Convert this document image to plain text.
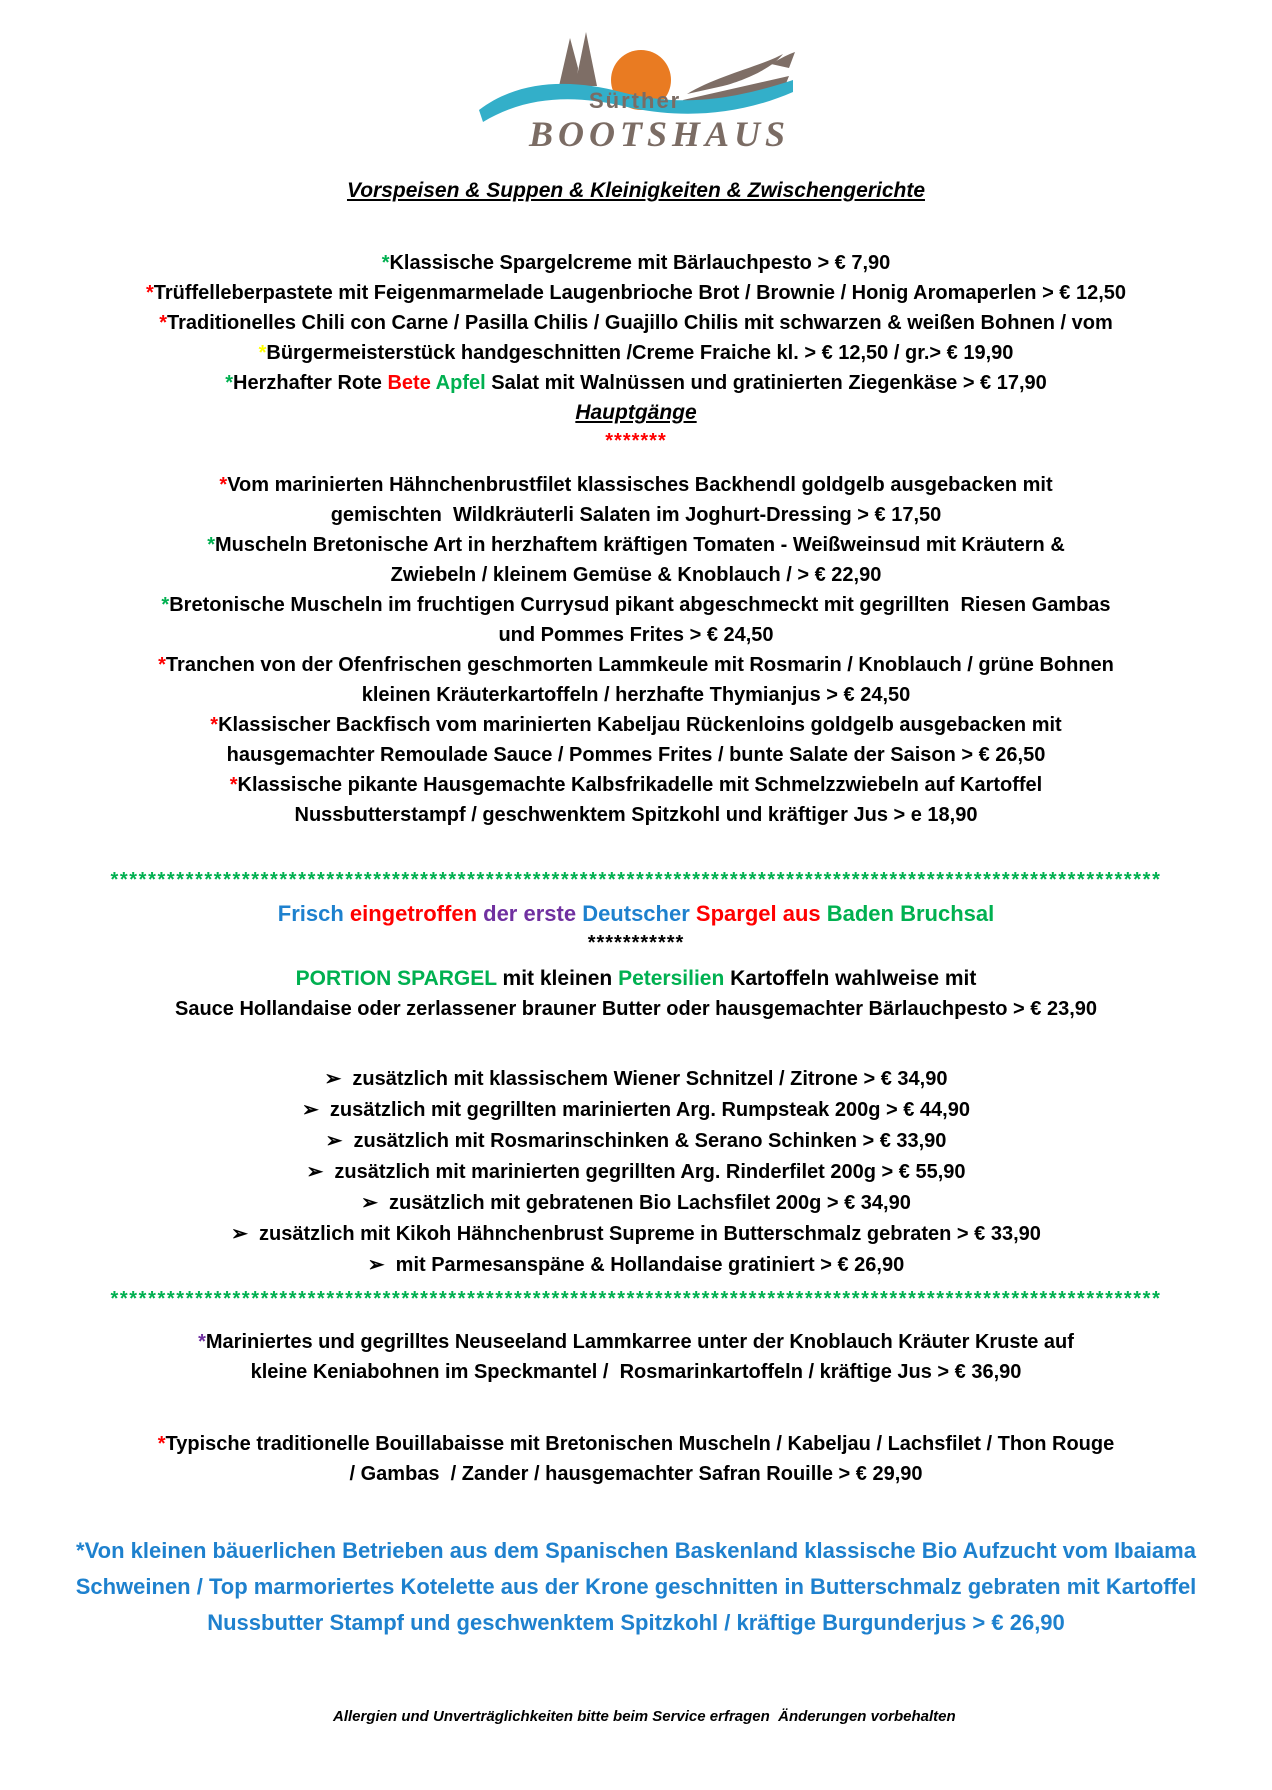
Sürther
BOOTSHAUS
Vorspeisen & Suppen & Kleinigkeiten & Zwischengerichte
*Klassische Spargelcreme mit Bärlauchpesto > € 7,90
*Trüffelleberpastete mit Feigenmarmelade Laugenbrioche Brot / Brownie / Honig Aromaperlen > € 12,50
*Traditionelles Chili con Carne / Pasilla Chilis / Guajillo Chilis mit schwarzen & weißen Bohnen / vom
*Bürgermeisterstück handgeschnitten /Creme Fraiche kl. > € 12,50 / gr.> € 19,90
*Herzhafter Rote Bete Apfel Salat mit Walnüssen und gratinierten Ziegenkäse > € 17,90
Hauptgänge
*******
*Vom marinierten Hähnchenbrustfilet klassisches Backhendl goldgelb ausgebacken mit
gemischten  Wildkräuterli Salaten im Joghurt-Dressing > € 17,50
*Muscheln Bretonische Art in herzhaftem kräftigen Tomaten - Weißweinsud mit Kräutern &
Zwiebeln / kleinem Gemüse & Knoblauch / > € 22,90
*Bretonische Muscheln im fruchtigen Currysud pikant abgeschmeckt mit gegrillten  Riesen Gambas
und Pommes Frites > € 24,50
*Tranchen von der Ofenfrischen geschmorten Lammkeule mit Rosmarin / Knoblauch / grüne Bohnen
kleinen Kräuterkartoffeln / herzhafte Thymianjus > € 24,50
*Klassischer Backfisch vom marinierten Kabeljau Rückenloins goldgelb ausgebacken mit
hausgemachter Remoulade Sauce / Pommes Frites / bunte Salate der Saison > € 26,50
*Klassische pikante Hausgemachte Kalbsfrikadelle mit Schmelzzwiebeln auf Kartoffel
Nussbutterstampf / geschwenktem Spitzkohl und kräftiger Jus > e 18,90
****************************************************************************************************************
Frisch eingetroffen der erste Deutscher Spargel aus Baden Bruchsal
***********
PORTION SPARGEL mit kleinen Petersilien Kartoffeln wahlweise mit
Sauce Hollandaise oder zerlassener brauner Butter oder hausgemachter Bärlauchpesto > € 23,90
➢  zusätzlich mit klassischem Wiener Schnitzel / Zitrone > € 34,90
➢  zusätzlich mit gegrillten marinierten Arg. Rumpsteak 200g > € 44,90
➢  zusätzlich mit Rosmarinschinken & Serano Schinken > € 33,90
➢  zusätzlich mit marinierten gegrillten Arg. Rinderfilet 200g > € 55,90
➢  zusätzlich mit gebratenen Bio Lachsfilet 200g > € 34,90
➢  zusätzlich mit Kikoh Hähnchenbrust Supreme in Butterschmalz gebraten > € 33,90
➢  mit Parmesanspäne & Hollandaise gratiniert > € 26,90
****************************************************************************************************************
*Mariniertes und gegrilltes Neuseeland Lammkarree unter der Knoblauch Kräuter Kruste auf
kleine Keniabohnen im Speckmantel /  Rosmarinkartoffeln / kräftige Jus > € 36,90
*Typische traditionelle Bouillabaisse mit Bretonischen Muscheln / Kabeljau / Lachsfilet / Thon Rouge
/ Gambas  / Zander / hausgemachter Safran Rouille > € 29,90
*Von kleinen bäuerlichen Betrieben aus dem Spanischen Baskenland klassische Bio Aufzucht vom Ibaiama
Schweinen / Top marmoriertes Kotelette aus der Krone geschnitten in Butterschmalz gebraten mit Kartoffel
Nussbutter Stampf und geschwenktem Spitzkohl / kräftige Burgunderjus > € 26,90

Allergien und Unverträglichkeiten bitte beim Service erfragen  Änderungen vorbehalten
